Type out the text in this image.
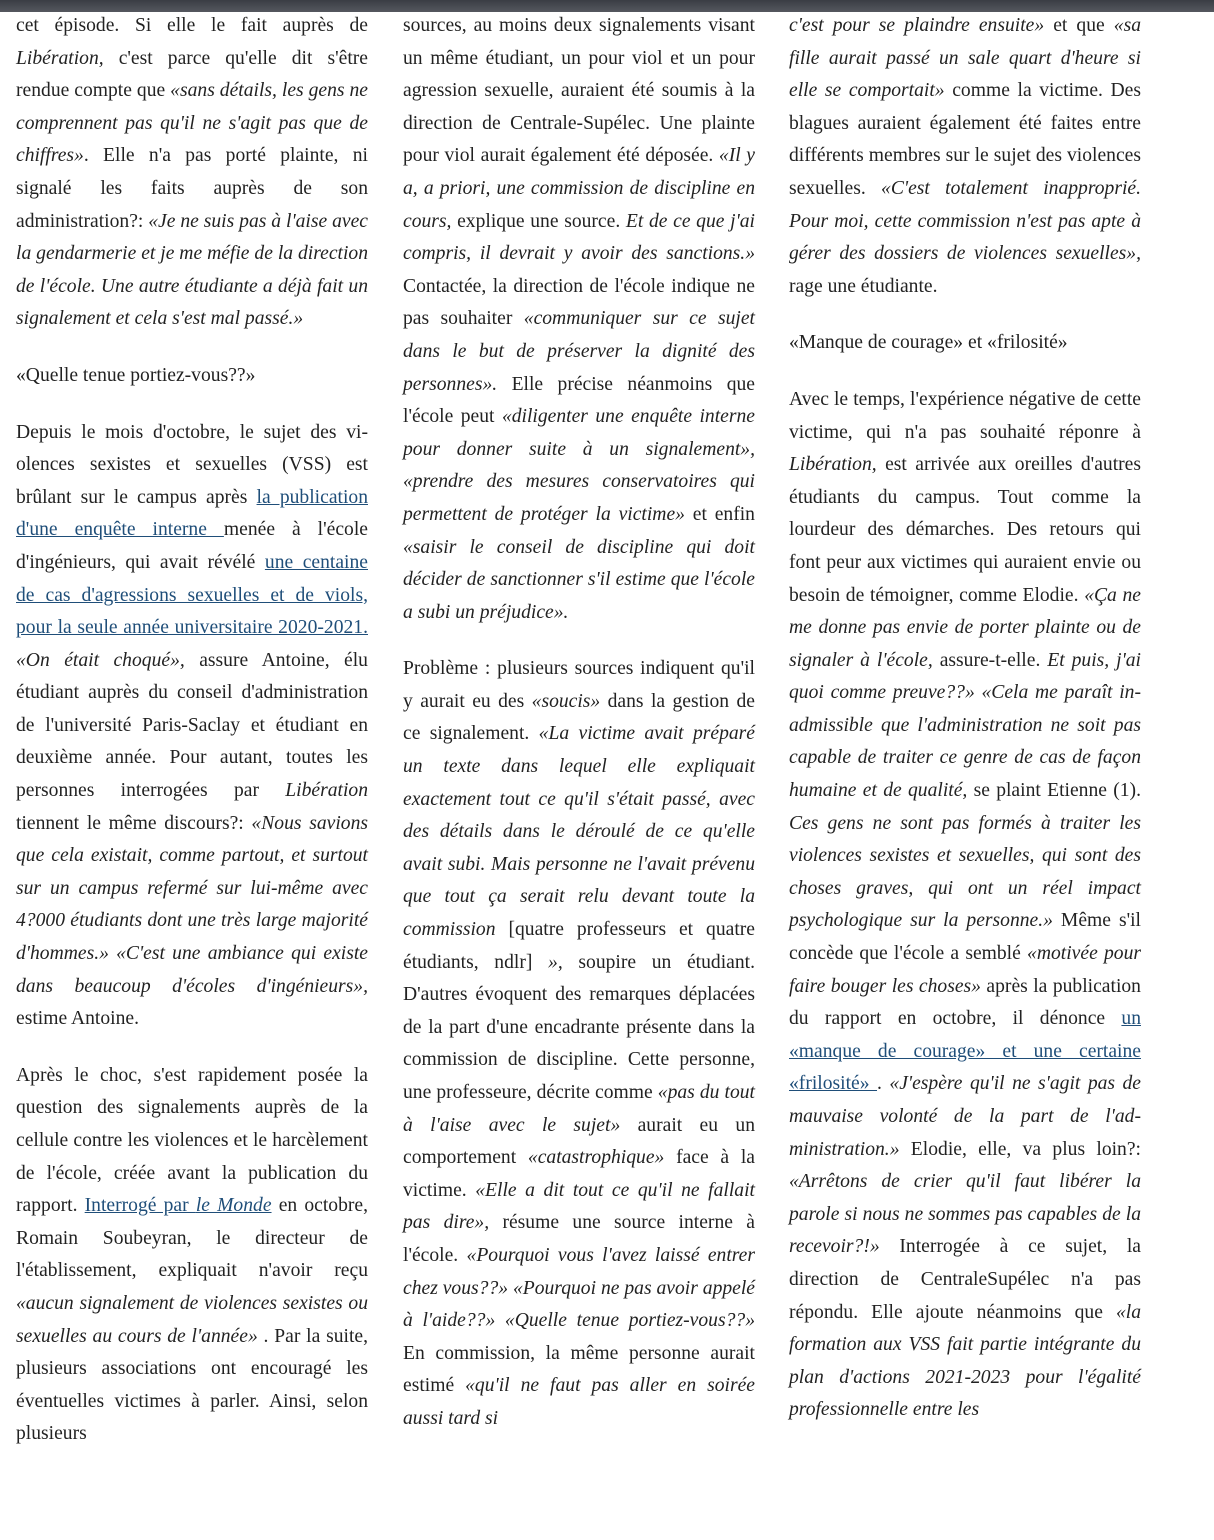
cet épisode. Si elle le fait auprès de Libération, c'est parce qu'elle dit s'être rendue compte que «sans détails, les gens ne comprennent pas qu'il ne s'agit pas que de chiffres». Elle n'a pas porté plainte, ni signalé les faits auprès de son administration?: «Je ne suis pas à l'aise avec la gendarmerie et je me méfie de la direction de l'école. Une autre étudiante a déjà fait un signalement et cela s'est mal passé.»

«Quelle tenue portiez-vous??»

Depuis le mois d'octobre, le sujet des violences sexistes et sexuelles (VSS) est brûlant sur le campus après la publication d'une enquête interne menée à l'école d'ingénieurs, qui avait révélé une centaine de cas d'agressions sexuelles et de viols, pour la seule année universitaire 2020-2021. «On était choqué», assure Antoine, élu étudiant auprès du conseil d'administration de l'université Paris-Saclay et étudiant en deuxième année. Pour autant, toutes les personnes interrogées par Libération tiennent le même discours?: «Nous savions que cela existait, comme partout, et surtout sur un campus refermé sur lui-même avec 4?000 étudiants dont une très large majorité d'hommes.» «C'est une ambiance qui existe dans beaucoup d'écoles d'ingénieurs», estime Antoine.

Après le choc, s'est rapidement posée la question des signalements auprès de la cellule contre les violences et le harcèlement de l'école, créée avant la publication du rapport. Interrogé par le Monde en octobre, Romain Soubeyran, le directeur de l'établissement, expliquait n'avoir reçu «aucun signalement de violences sexistes ou sexuelles au cours de l'année» . Par la suite, plusieurs associations ont encouragé les éventuelles victimes à parler. Ainsi, selon plusieurs

sources, au moins deux signalements visant un même étudiant, un pour viol et un pour agression sexuelle, auraient été soumis à la direction de Centrale-Supélec. Une plainte pour viol aurait également été déposée. «Il y a, a priori, une commission de discipline en cours, explique une source. Et de ce que j'ai compris, il devrait y avoir des sanctions.» Contactée, la direction de l'école indique ne pas souhaiter «communiquer sur ce sujet dans le but de préserver la dignité des personnes». Elle précise néanmoins que l'école peut «diligenter une enquête interne pour donner suite à un signalement», «prendre des mesures conservatoires qui permettent de protéger la victime» et enfin «saisir le conseil de discipline qui doit décider de sanctionner s'il estime que l'école a subi un préjudice».

Problème : plusieurs sources indiquent qu'il y aurait eu des «soucis» dans la gestion de ce signalement. «La victime avait préparé un texte dans lequel elle expliquait exactement tout ce qu'il s'était passé, avec des détails dans le déroulé de ce qu'elle avait subi. Mais personne ne l'avait prévenu que tout ça serait relu devant toute la commission [quatre professeurs et quatre étudiants, ndlr] », soupire un étudiant. D'autres évoquent des remarques déplacées de la part d'une encadrante présente dans la commission de discipline. Cette personne, une professeure, décrite comme «pas du tout à l'aise avec le sujet» aurait eu un comportement «catastrophique» face à la victime. «Elle a dit tout ce qu'il ne fallait pas dire», résume une source interne à l'école. «Pourquoi vous l'avez laissé entrer chez vous??» «Pourquoi ne pas avoir appelé à l'aide??» «Quelle tenue portiez-vous??» En commission, la même personne aurait estimé «qu'il ne faut pas aller en soirée aussi tard si

c'est pour se plaindre ensuite» et que «sa fille aurait passé un sale quart d'heure si elle se comportait» comme la victime. Des blagues auraient également été faites entre différents membres sur le sujet des violences sexuelles. «C'est totalement inapproprié. Pour moi, cette commission n'est pas apte à gérer des dossiers de violences sexuelles», rage une étudiante.

«Manque de courage» et «frilosité»

Avec le temps, l'expérience négative de cette victime, qui n'a pas souhaité réponre à Libération, est arrivée aux oreilles d'autres étudiants du campus. Tout comme la lourdeur des démarches. Des retours qui font peur aux victimes qui auraient envie ou besoin de témoigner, comme Elodie. «Ça ne me donne pas envie de porter plainte ou de signaler à l'école, assure-t-elle. Et puis, j'ai quoi comme preuve??» «Cela me paraît inadmissible que l'administration ne soit pas capable de traiter ce genre de cas de façon humaine et de qualité, se plaint Etienne (1). Ces gens ne sont pas formés à traiter les violences sexistes et sexuelles, qui sont des choses graves, qui ont un réel impact psychologique sur la personne.» Même s'il concède que l'école a semblé «motivée pour faire bouger les choses» après la publication du rapport en octobre, il dénonce un «manque de courage» et une certaine «frilosité» . «J'espère qu'il ne s'agit pas de mauvaise volonté de la part de l'administration.» Elodie, elle, va plus loin?: «Arrêtons de crier qu'il faut libérer la parole si nous ne sommes pas capables de la recevoir?!» Interrogée à ce sujet, la direction de CentraleSupélec n'a pas répondu. Elle ajoute néanmoins que «la formation aux VSS fait partie intégrante du plan d'actions 2021-2023 pour l'égalité professionnelle entre les
